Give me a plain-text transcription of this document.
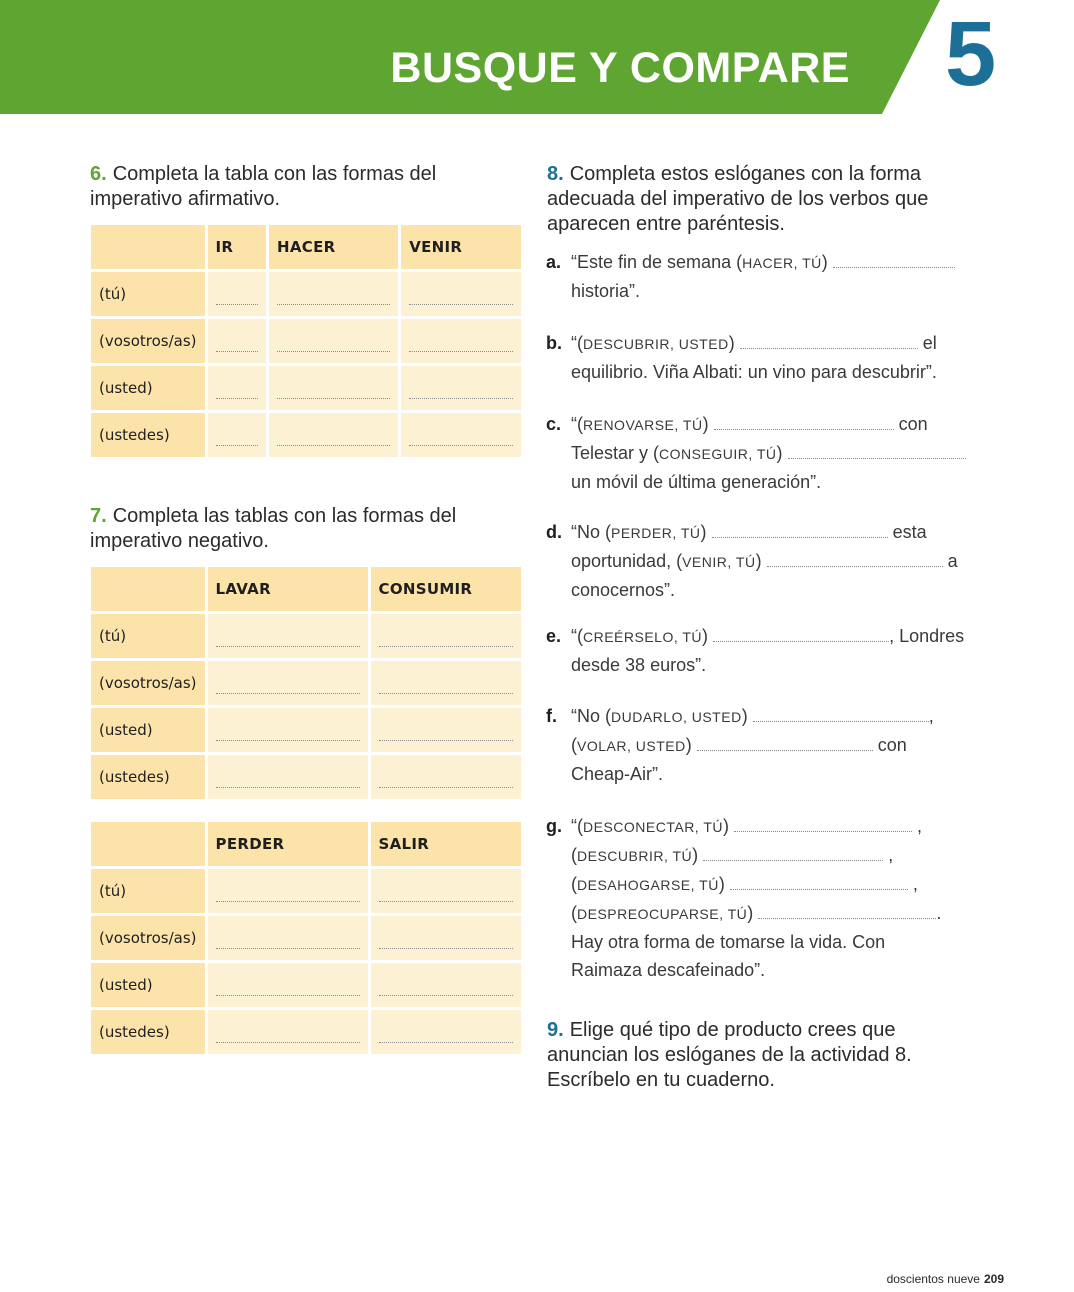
BUSQUE Y COMPARE 5
6. Completa la tabla con las formas del imperativo afirmativo.
	IR	HACER	VENIR
(tú)	

(vosotros/as)	

(usted)	

(ustedes)	

7. Completa las tablas con las formas del imperativo negativo.
	LAVAR	CONSUMIR
(tú)	

(vosotros/as)	

(usted)	

(ustedes)	

	PERDER	SALIR
(tú)	

(vosotros/as)	

(usted)	

(ustedes)	

8. Completa estos eslóganes con la forma adecuada del imperativo de los verbos que aparecen entre paréntesis.
a. “Este fin de semana (HACER, TÚ)
historia”.
b. “(DESCUBRIR, USTED)	el
equilibrio. Viña Albati: un vino para descubrir”.
c. “(RENOVARSE, TÚ)	con
Telestar y (CONSEGUIR, TÚ)
un móvil de última generación”.
d. “No (PERDER, TÚ)	esta
oportunidad, (VENIR, TÚ)	a
conocernos”.
e. “(CREÉRSELO, TÚ)	, Londres
desde 38 euros”.
f. “No (DUDARLO, USTED)	,
(VOLAR, USTED)	con
Cheap-Air”.
g. “(DESCONECTAR, TÚ)	,
(DESCUBRIR, TÚ)	,
(DESAHOGARSE, TÚ)	,
(DESPREOCUPARSE, TÚ)	.
Hay otra forma de tomarse la vida. Con
Raimaza descafeinado”.
9. Elige qué tipo de producto crees que anuncian los eslóganes de la actividad 8. Escríbelo en tu cuaderno.
doscientos nueve 209
